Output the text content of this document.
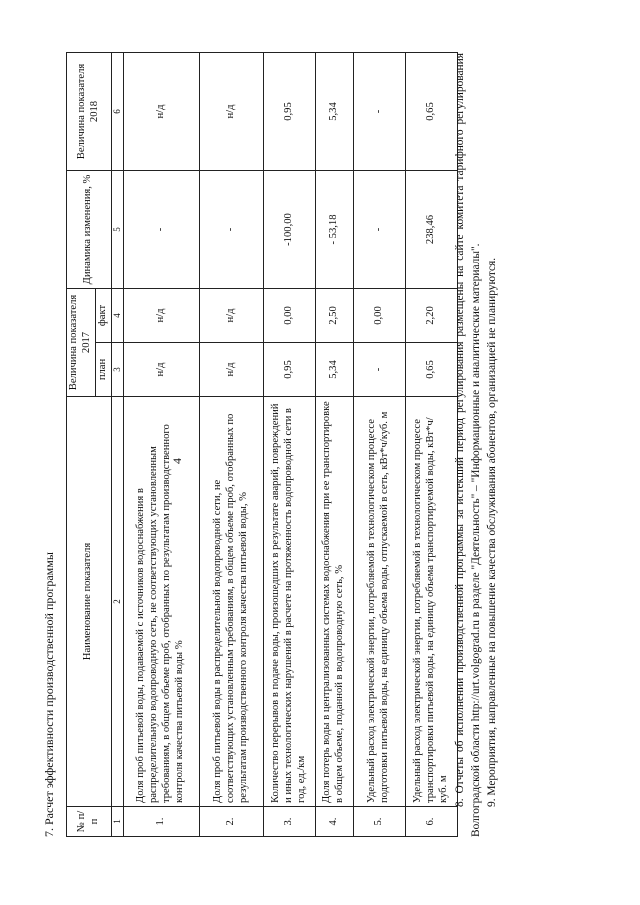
4
7. Расчет эффективности производственной программы № п/п	Наименование показателя	Величина показателя 2017		Динамика изменения, %	Величина показателя 2018
		план	факт		
1	2	3	4	5	6
1.	Доля проб питьевой воды, подаваемой с источников водоснабжения в распределительную водопроводную сеть, не соответствующих установленным требованиям, в общем объеме проб, отобранных по результатам производственного контроля качества питьевой воды %	н/д	н/д	-	н/д
2.	Доля проб питьевой воды в распределительной водопроводной сети, не соответствующих установленным требованиям, в общем объеме проб, отобранных по результатам производственного контроля качества питьевой воды, %	н/д	н/д	-	н/д
3.	Количество перерывов в подаче воды, произошедших в результате аварий, повреждений и иных технологических нарушений в расчете на протяженность водопроводной сети в год, ед./км	0,95	0,00	-100,00	0,95
4.	Доля потерь воды в централизованных системах водоснабжения при ее транспортировке в общем объеме, поданной в водопроводную сеть, %	5,34	2,50	- 53,18	5,34
5.	Удельный расход электрической энергии, потребляемой в технологическом процессе подготовки питьевой воды, на единицу объема воды, отпускаемой в сеть, кВт*ч/куб. м	-	0,00	-	-
6.	Удельный расход электрической энергии, потребляемой в технологическом процессе транспортировки питьевой воды, на единицу объема транспортируемой воды, кВт*ч/куб. м	0,65	2,20	238,46	0,65 8. Отчеты об исполнении производственной программы за истекший период регулирования размещены на сайте комитета тарифного регулирования Волгоградской области http://urt.volgograd.ru в разделе "Деятельность" – "Информационные и аналитические материалы". 9. Мероприятия, направленные на повышение качества обслуживания абонентов, организацией не планируются.
